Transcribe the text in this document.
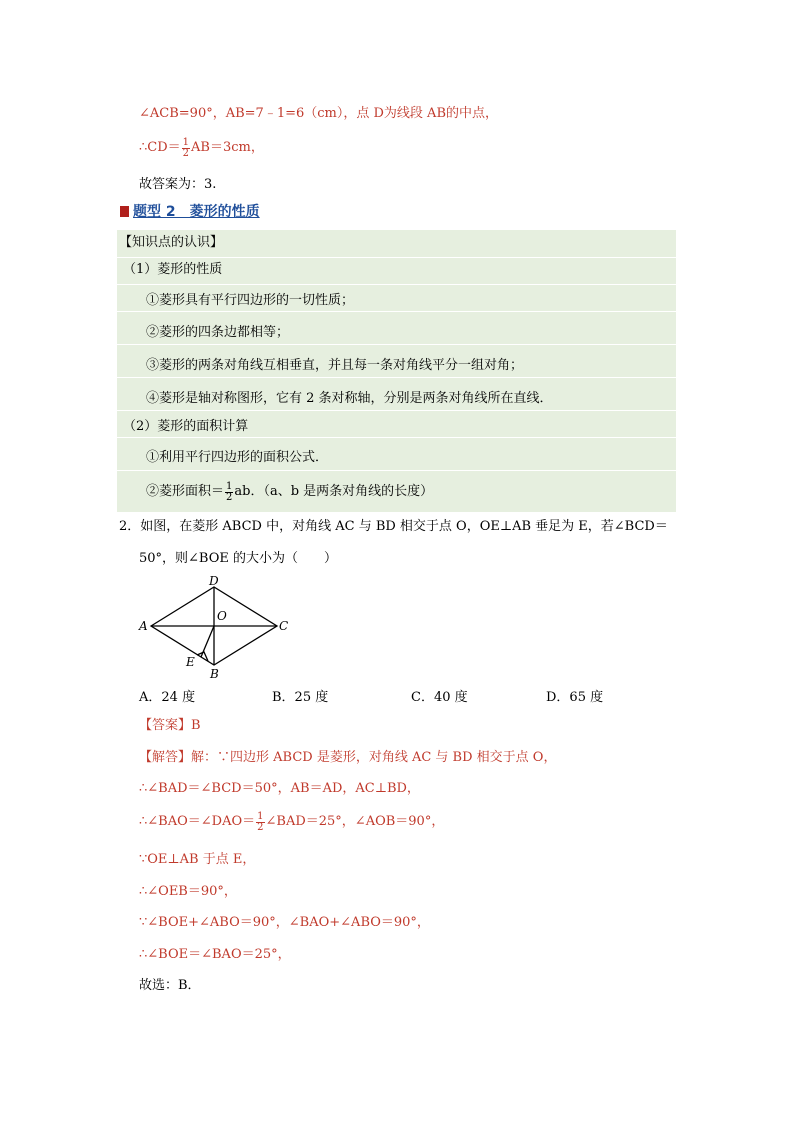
∠ACB=90°，AB=7﹣1=6（cm），点 D为线段 AB的中点，
∴CD＝ $\frac{1}{2} AB=3cm$，
故答案为：3.
题型 2　菱形的性质
【知识点的认识】
（1）菱形的性质
①菱形具有平行四边形的一切性质；
②菱形的四条边都相等；
③菱形的两条对角线互相垂直，并且每一条对角线平分一组对角；
④菱形是轴对称图形，它有 2 条对称轴，分别是两条对角线所在直线．
（2）菱形的面积计算
①利用平行四边形的面积公式．
②菱形面积＝ $\frac{1}{2}$ ab．（a、b 是两条对角线的长度）
2．如图，在菱形 ABCD 中，对角线 AC 与 BD 相交于点 O，OE⊥AB 垂足为 E，若∠BCD＝
50°，则∠BOE 的大小为（　　）
D
A	C
O
E
B
A．24 度	B．25 度	C．40 度	D．65 度
【答案】B
【解答】解：∵四边形 ABCD 是菱形，对角线 AC 与 BD 相交于点 O，
∴∠BAD＝∠BCD＝50°，AB＝AD，AC⊥BD，
∴∠BAO＝∠DAO＝ $\frac{1}{2}$ ∠BAD＝25°，∠AOB＝90°，
∵OE⊥AB 于点 E，
∴∠OEB＝90°，
∵∠BOE+∠ABO＝90°，∠BAO+∠ABO＝90°，
∴∠BOE＝∠BAO＝25°，
故选：B．
